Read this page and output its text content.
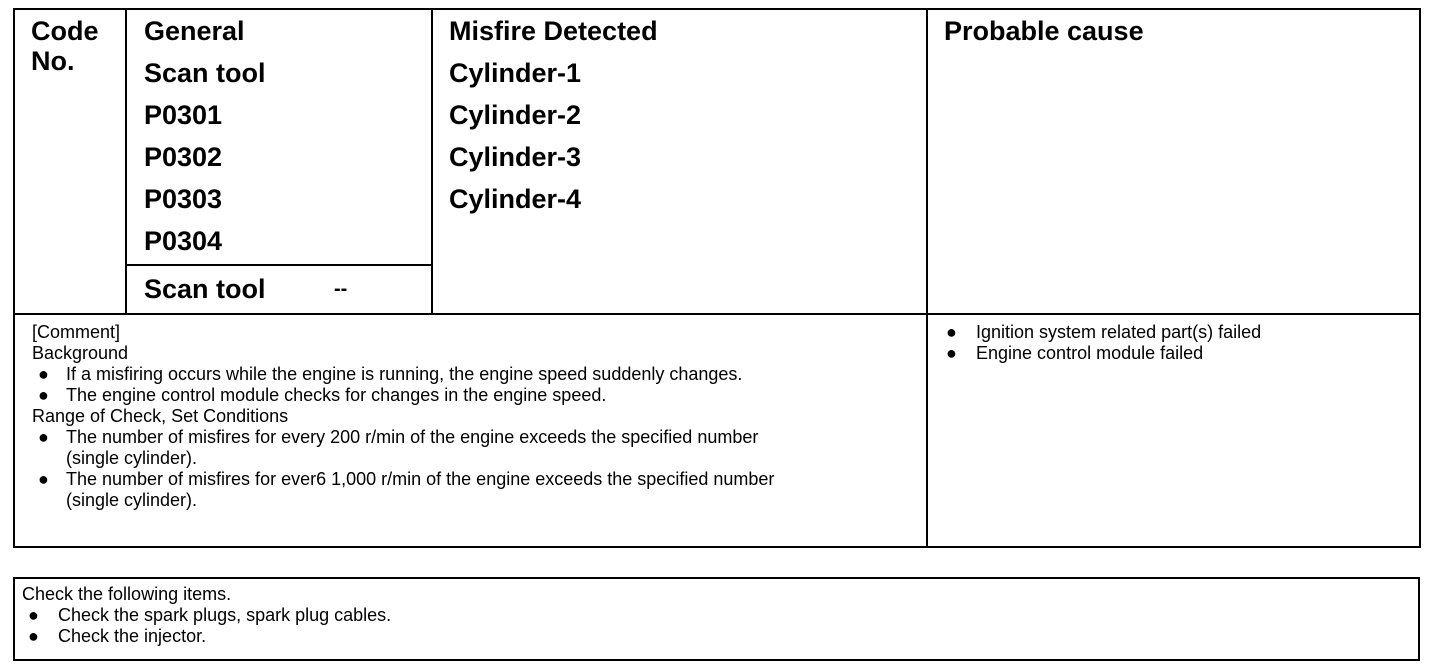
Code
No.
General
Scan tool
P0301
P0302
P0303
P0304
Scan tool	--
Misfire Detected
Cylinder-1
Cylinder-2
Cylinder-3
Cylinder-4
Probable cause
[Comment]
Background
● If a misfiring occurs while the engine is running, the engine speed suddenly changes.
● The engine control module checks for changes in the engine speed.
Range of Check, Set Conditions
● The number of misfires for every 200 r/min of the engine exceeds the specified number
(single cylinder).
● The number of misfires for ever6 1,000 r/min of the engine exceeds the specified number
(single cylinder).
● Ignition system related part(s) failed
● Engine control module failed
Check the following items.
● Check the spark plugs, spark plug cables.
● Check the injector.
